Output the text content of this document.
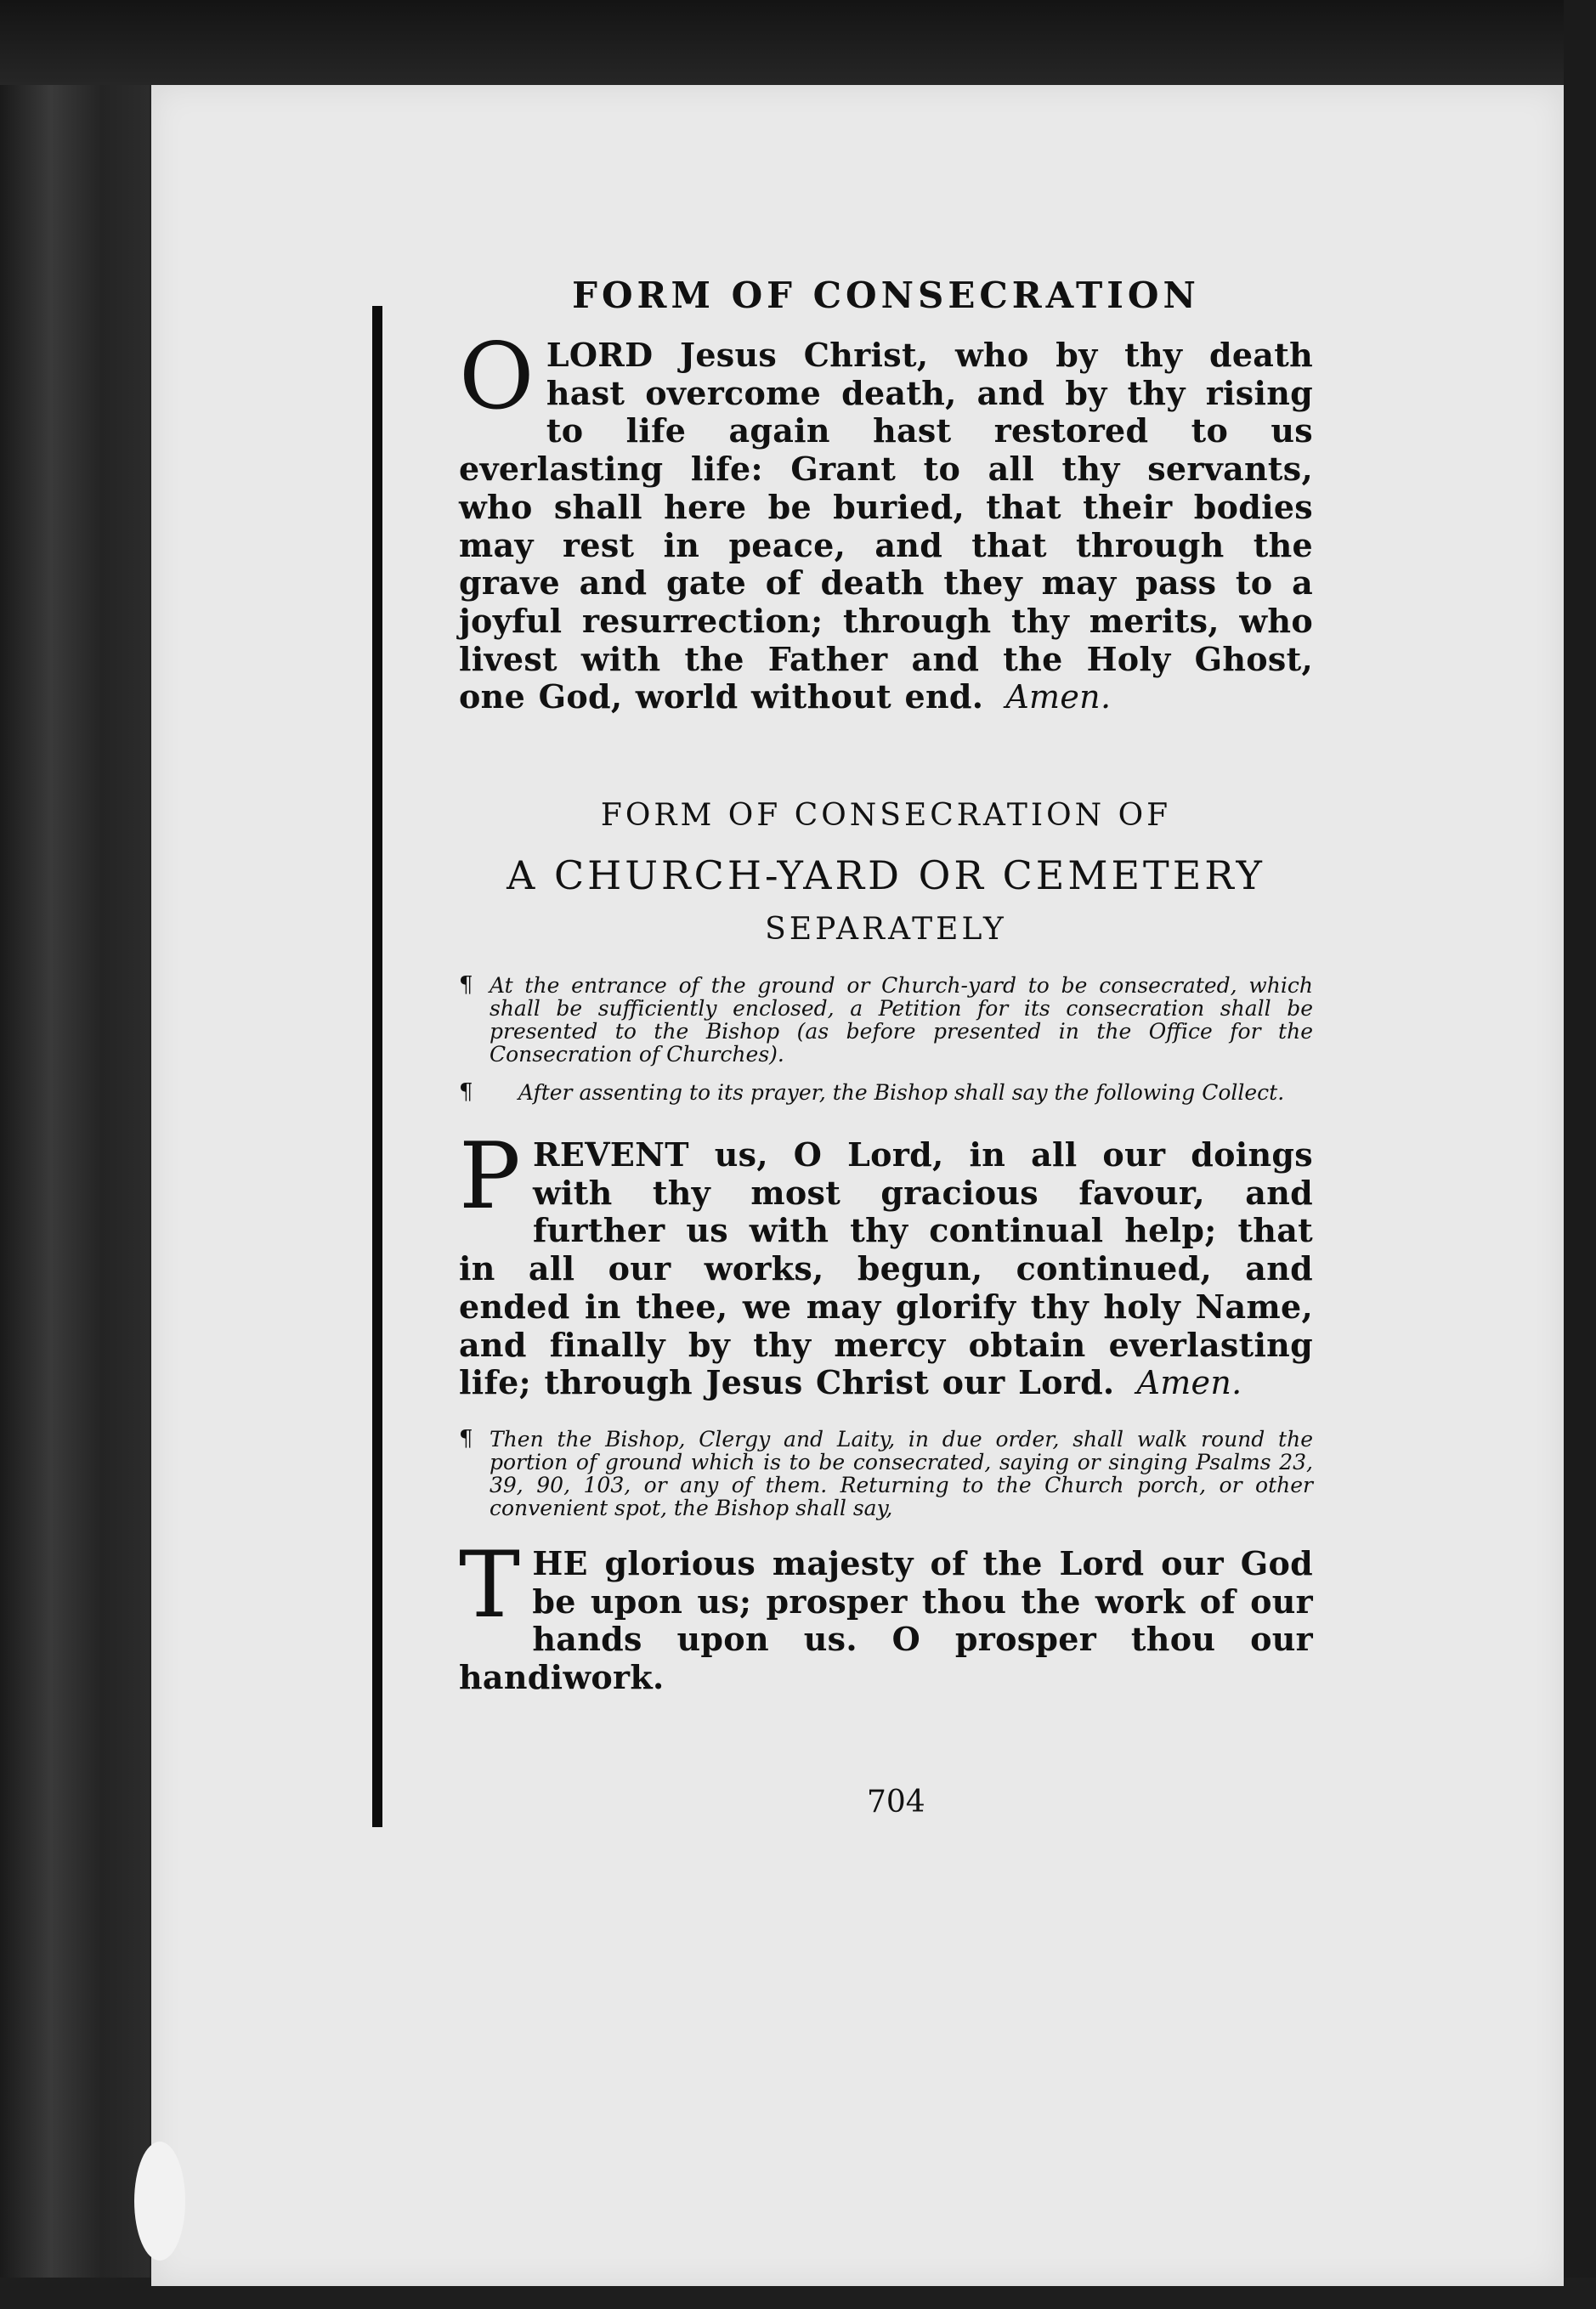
FORM OF CONSECRATION

OLORD Jesus Christ, who by thy death hast overcome death, and by thy rising to life again hast restored to us everlasting life: Grant to all thy servants, who shall here be buried, that their bodies may rest in peace, and that through the grave and gate of death they may pass to a joyful resurrection; through thy merits, who livest with the Father and the Holy Ghost, one God, world without end. Amen.

FORM OF CONSECRATION OF
A CHURCH-YARD OR CEMETERY
SEPARATELY

¶ At the entrance of the ground or Church-yard to be consecrated, which shall be sufficiently enclosed, a Petition for its consecration shall be presented to the Bishop (as before presented in the Office for the Consecration of Churches).

¶ After assenting to its prayer, the Bishop shall say the following Collect.

PREVENT us, O Lord, in all our doings with thy most gracious favour, and further us with thy continual help; that in all our works, begun, continued, and ended in thee, we may glorify thy holy Name, and finally by thy mercy obtain everlasting life; through Jesus Christ our Lord. Amen.

¶ Then the Bishop, Clergy and Laity, in due order, shall walk round the portion of ground which is to be consecrated, saying or singing Psalms 23, 39, 90, 103, or any of them. Returning to the Church porch, or other convenient spot, the Bishop shall say,

THE glorious majesty of the Lord our God be upon us; prosper thou the work of our hands upon us. O prosper thou our handiwork.

704
